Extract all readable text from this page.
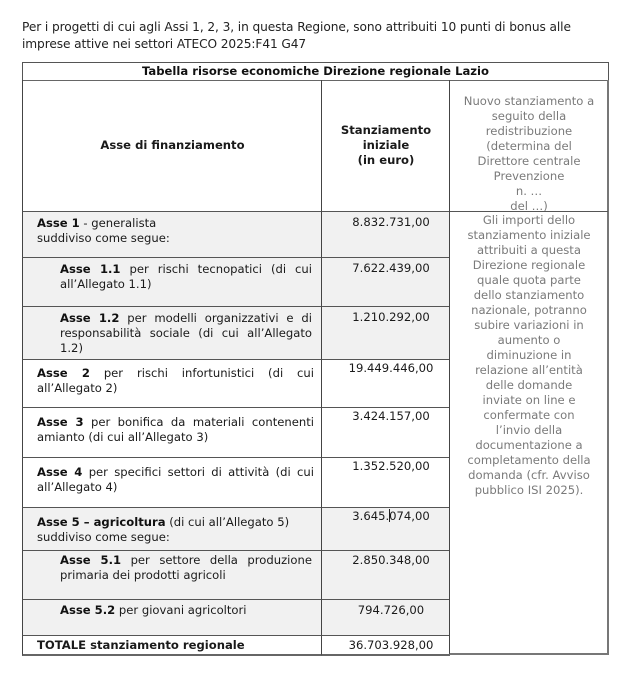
Per i progetti di cui agli Assi 1, 2, 3, in questa Regione, sono attribuiti 10 punti di bonus alle
imprese attive nei settori ATECO 2025:F41 G47
Tabella risorse economiche Direzione regionale Lazio
Asse di finanziamento
Stanziamento
iniziale
(in euro)
Asse 1 - generalista
suddiviso come segue:
8.832.731,00
Asse 1.1 per rischi tecnopatici (di cui all’Allegato 1.1)
7.622.439,00
Asse 1.2 per modelli organizzativi e di responsabilità sociale (di cui all’Allegato 1.2)
1.210.292,00
Asse 2 per rischi infortunistici (di cui all’Allegato 2)
19.449.446,00
Asse 3 per bonifica da materiali contenenti amianto (di cui all’Allegato 3)
3.424.157,00
Asse 4 per specifici settori di attività (di cui all’Allegato 4)
1.352.520,00
Asse 5 – agricoltura (di cui all’Allegato 5)
suddiviso come segue:
3.645.074,00
Asse 5.1 per settore della produzione primaria dei prodotti agricoli
2.850.348,00
Asse 5.2 per giovani agricoltori	794.726,00
TOTALE stanziamento regionale	36.703.928,00
Nuovo stanziamento a
seguito della
redistribuzione
(determina del
Direttore centrale
Prevenzione
n. …
del …)
Gli importi dello
stanziamento iniziale
attribuiti a questa
Direzione regionale
quale quota parte
dello stanziamento
nazionale, potranno
subire variazioni in
aumento o
diminuzione in
relazione all’entità
delle domande
inviate on line e
confermate con
l’invio della
documentazione a
completamento della
domanda (cfr. Avviso
pubblico ISI 2025).
